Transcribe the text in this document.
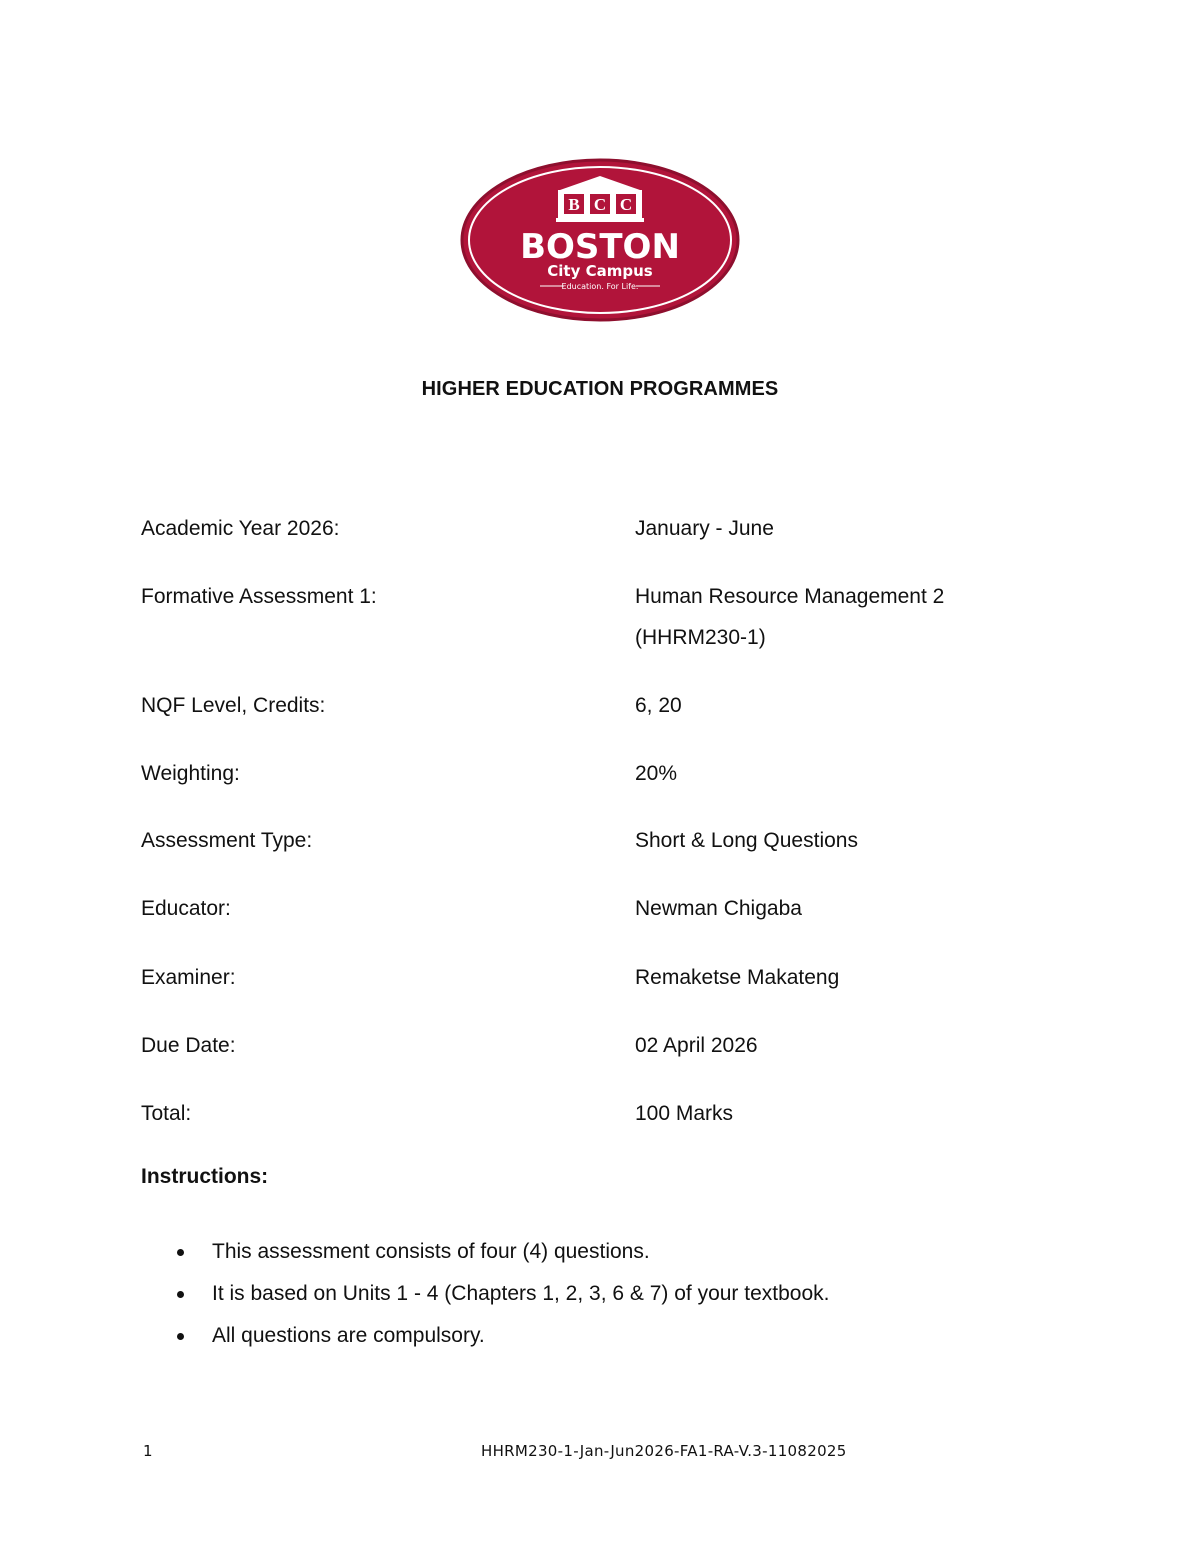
B C C
BOSTON
City Campus
Education. For Life.
HIGHER EDUCATION PROGRAMMES
Academic Year 2026:	January - June
Formative Assessment 1:	Human Resource Management 2
(HHRM230-1)
NQF Level, Credits:	6, 20
Weighting:	20%
Assessment Type:	Short & Long Questions
Educator:	Newman Chigaba
Examiner:	Remaketse Makateng
Due Date:	02 April 2026
Total:	100 Marks
Instructions:
This assessment consists of four (4) questions.
It is based on Units 1 - 4 (Chapters 1, 2, 3, 6 & 7) of your textbook.
All questions are compulsory.
1	HHRM230-1-Jan-Jun2026-FA1-RA-V.3-11082025
